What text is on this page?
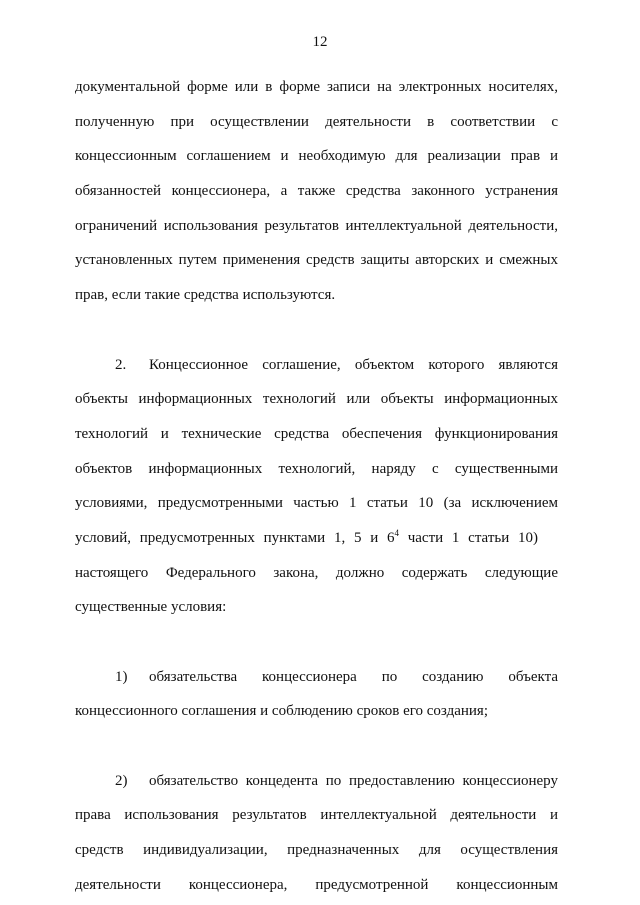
12
документальной форме или в форме записи на электронных носителях,
полученную при осуществлении деятельности в соответствии с
концессионным соглашением и необходимую для реализации прав и
обязанностей концессионера, а также средства законного устранения
ограничений использования результатов интеллектуальной деятельности,
установленных путем применения средств защиты авторских и смежных
прав, если такие средства используются.
2. Концессионное соглашение, объектом которого являются
объекты информационных технологий или объекты информационных
технологий и технические средства обеспечения функционирования
объектов информационных технологий, наряду с существенными
условиями, предусмотренными частью 1 статьи 10 (за исключением
условий, предусмотренных пунктами 1, 5 и $6^4$ части 1 статьи 10)
настоящего Федерального закона, должно содержать следующие
существенные условия:
1) обязательства концессионера по созданию объекта
концессионного соглашения и соблюдению сроков его создания;
2) обязательство концедента по предоставлению концессионеру
права использования результатов интеллектуальной деятельности и
средств индивидуализации, предназначенных для осуществления
деятельности концессионера, предусмотренной концессионным
